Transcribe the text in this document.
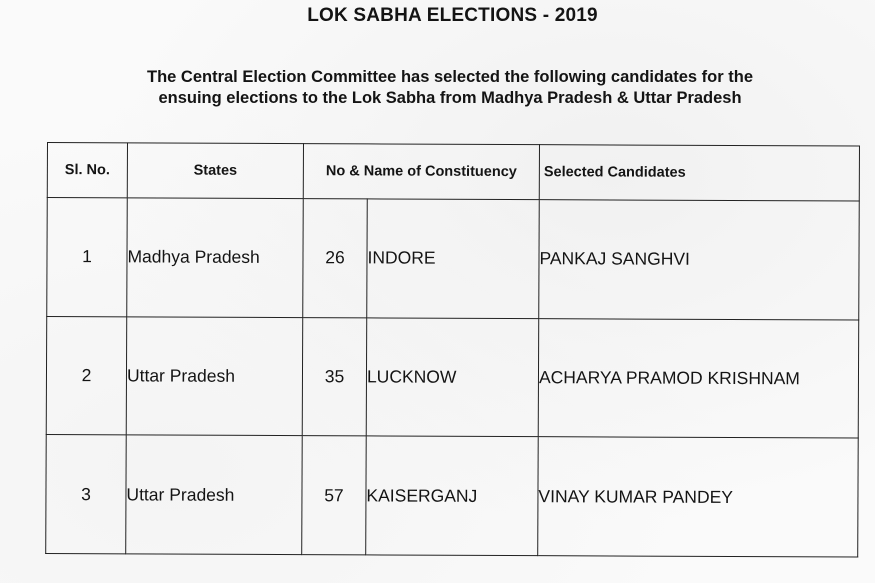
LOK SABHA ELECTIONS - 2019
The Central Election Committee has selected the following candidates for the
ensuing elections to the Lok Sabha from Madhya Pradesh & Uttar Pradesh
Sl. No.	States	No & Name of Constituency		Selected Candidates
1	Madhya Pradesh	26	INDORE	PANKAJ SANGHVI
2	Uttar Pradesh	35	LUCKNOW	ACHARYA PRAMOD KRISHNAM
3	Uttar Pradesh	57	KAISERGANJ	VINAY KUMAR PANDEY
